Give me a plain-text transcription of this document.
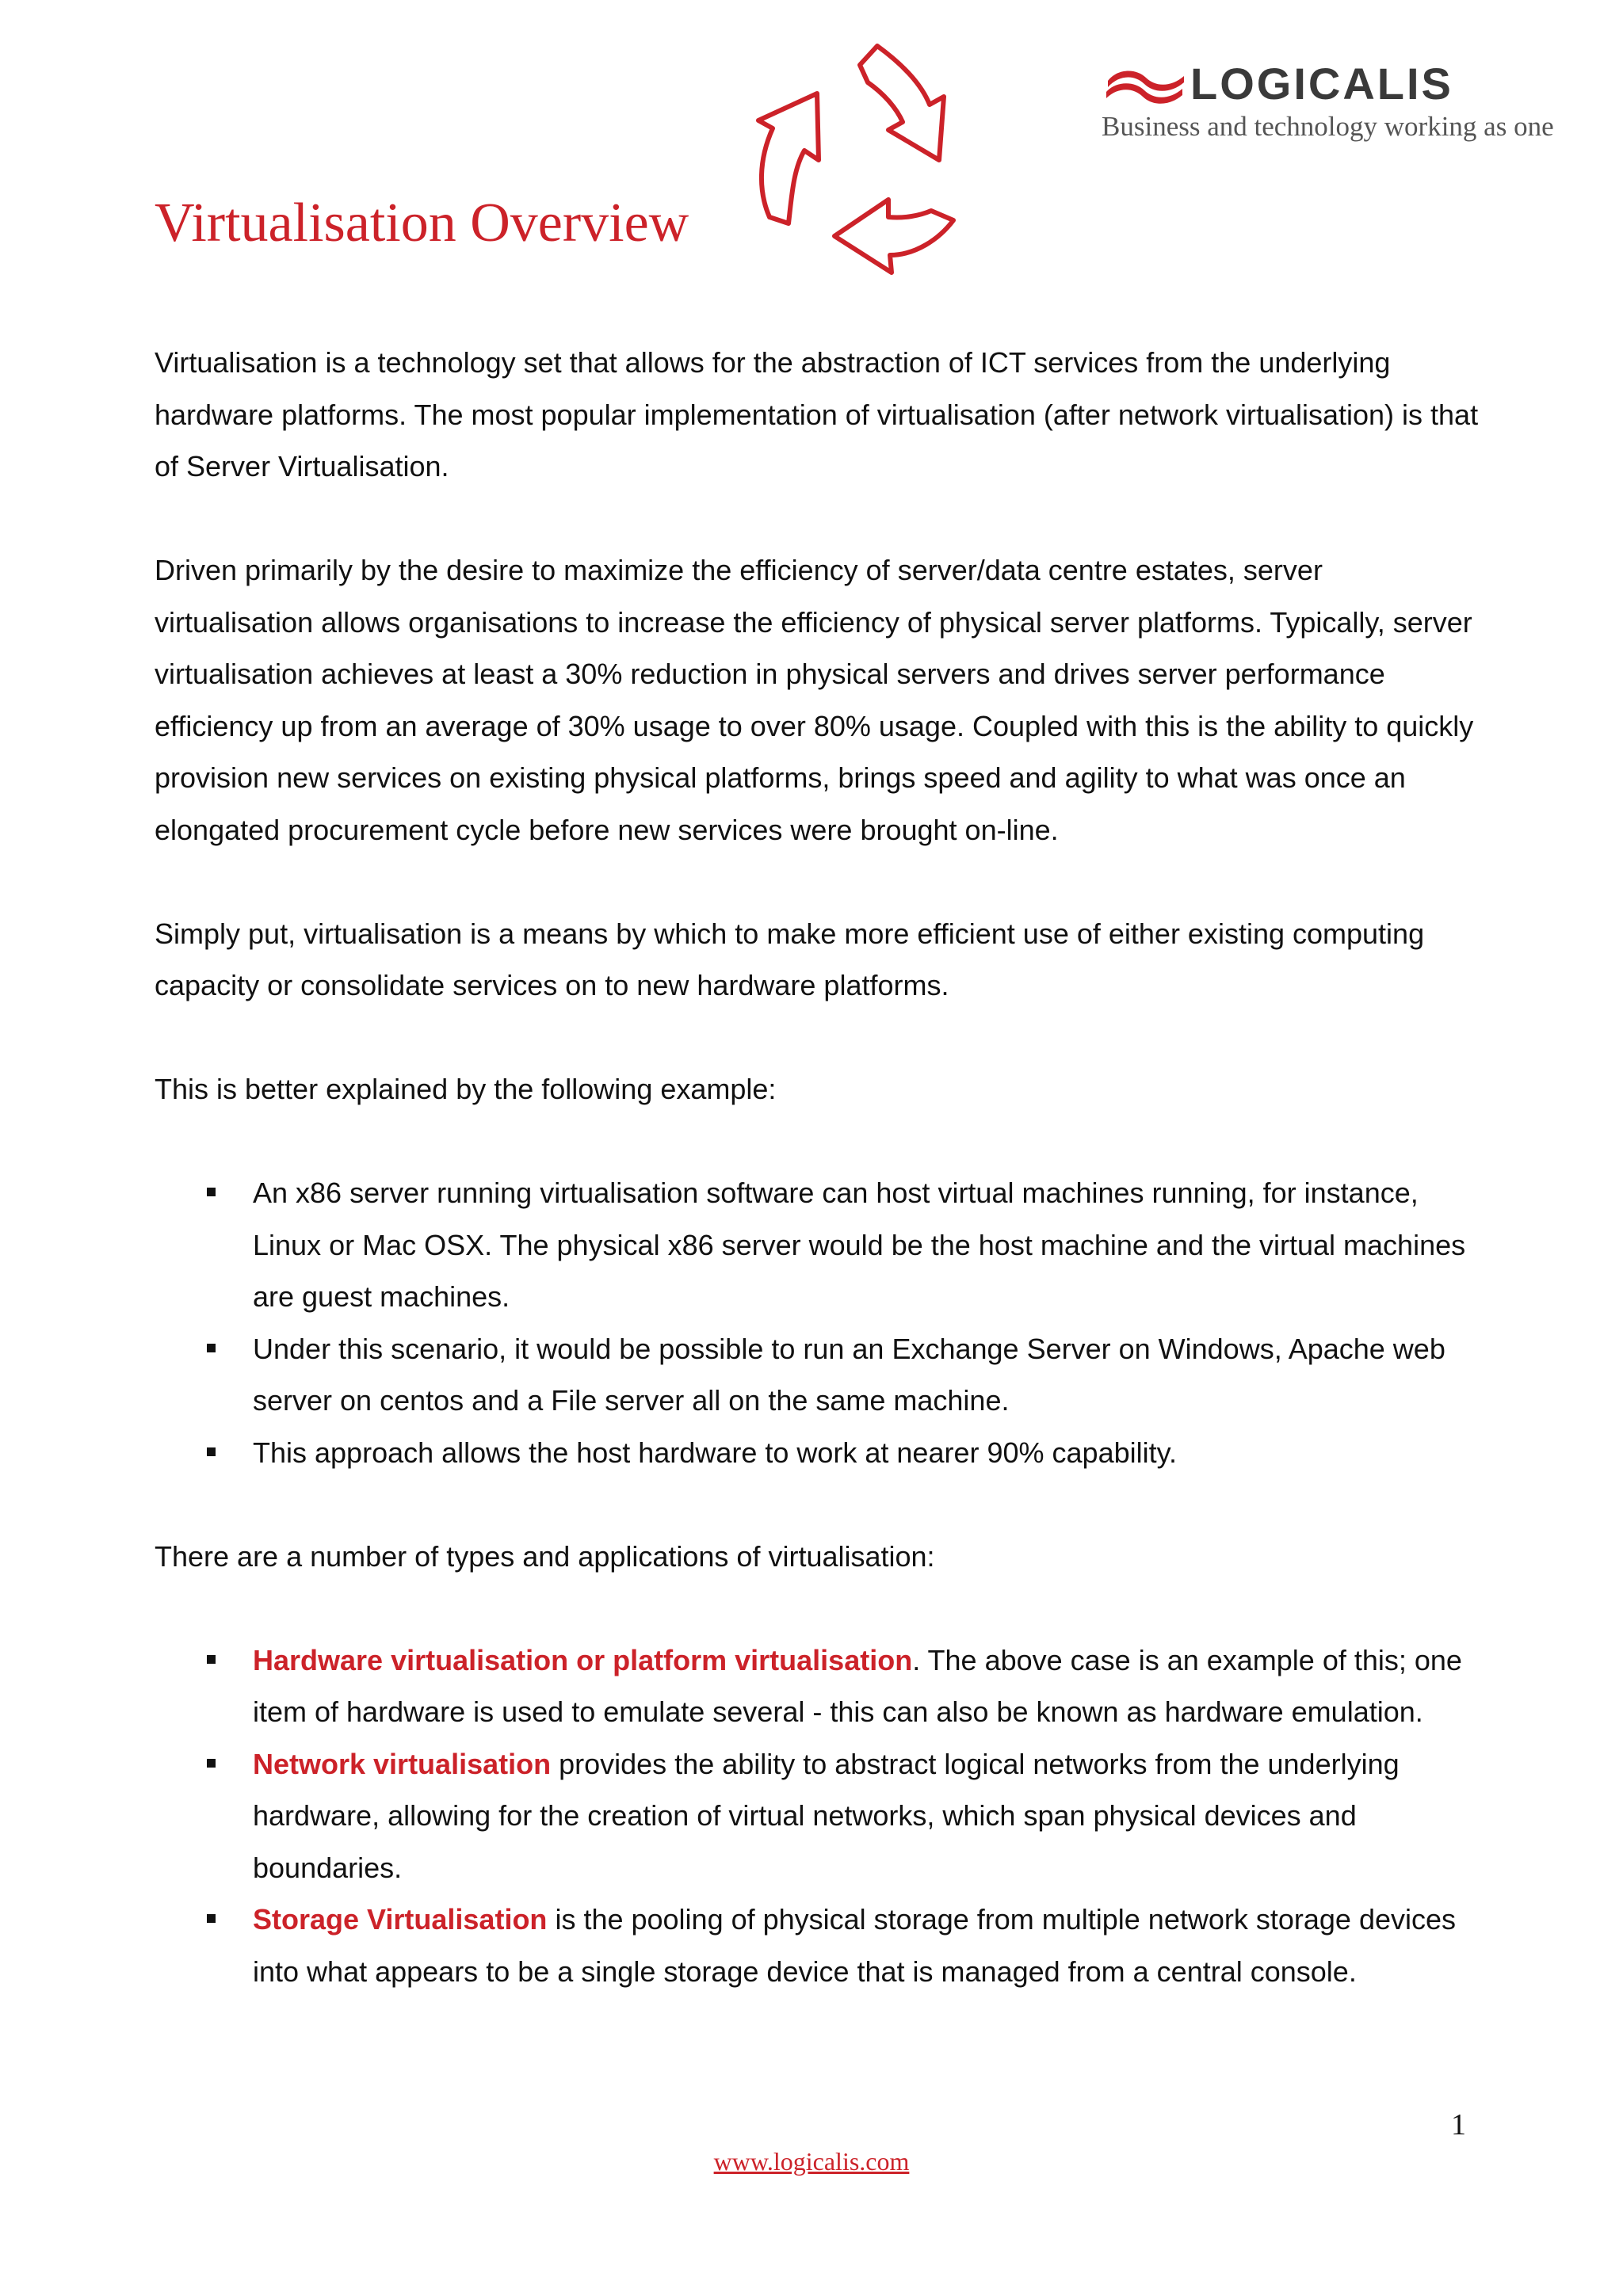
LOGICALIS
Business and technology working as one
Virtualisation Overview

Virtualisation is a technology set that allows for the abstraction of ICT services from the underlying hardware platforms. The most popular implementation of virtualisation (after network virtualisation) is that of Server Virtualisation.

Driven primarily by the desire to maximize the efficiency of server/data centre estates, server virtualisation allows organisations to increase the efficiency of physical server platforms. Typically, server virtualisation achieves at least a 30% reduction in physical servers and drives server performance efficiency up from an average of 30% usage to over 80% usage. Coupled with this is the ability to quickly provision new services on existing physical platforms, brings speed and agility to what was once an elongated procurement cycle before new services were brought on-line.

Simply put, virtualisation is a means by which to make more efficient use of either existing computing capacity or consolidate services on to new hardware platforms.

This is better explained by the following example:

An x86 server running virtualisation software can host virtual machines running, for instance, Linux or Mac OSX. The physical x86 server would be the host machine and the virtual machines are guest machines.
Under this scenario, it would be possible to run an Exchange Server on Windows, Apache web server on centos and a File server all on the same machine.
This approach allows the host hardware to work at nearer 90% capability.

There are a number of types and applications of virtualisation:

Hardware virtualisation or platform virtualisation. The above case is an example of this; one item of hardware is used to emulate several - this can also be known as hardware emulation.
Network virtualisation provides the ability to abstract logical networks from the underlying hardware, allowing for the creation of virtual networks, which span physical devices and boundaries.
Storage Virtualisation is the pooling of physical storage from multiple network storage devices into what appears to be a single storage device that is managed from a central console.
1
www.logicalis.com
